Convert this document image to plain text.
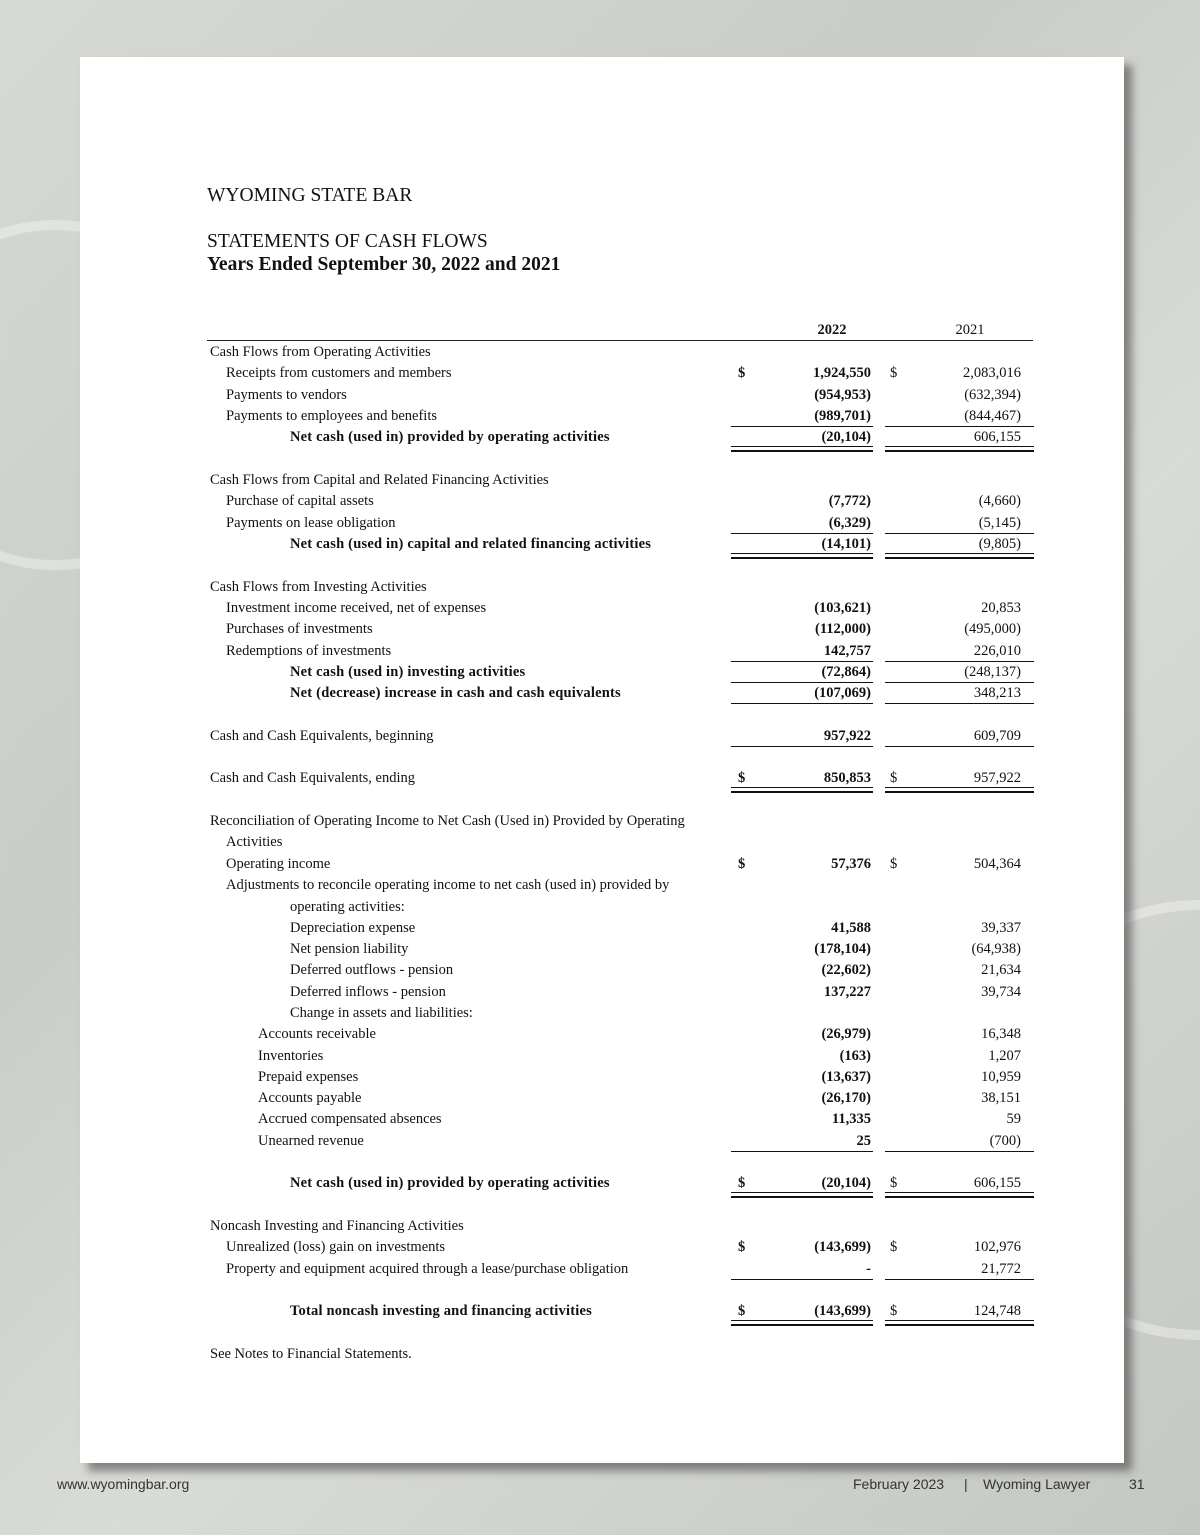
WYOMING STATE BAR
STATEMENTS OF CASH FLOWS
Years Ended September 30, 2022 and 2021
2022	2021
Cash Flows from Operating Activities
Receipts from customers and members	$	1,924,550 $	2,083,016
Payments to vendors	(954,953)	(632,394)
Payments to employees and benefits	(989,701)	(844,467)
Net cash (used in) provided by operating activities	(20,104)	606,155
Cash Flows from Capital and Related Financing Activities
Purchase of capital assets	(7,772)	(4,660)
Payments on lease obligation	(6,329)	(5,145)
Net cash (used in) capital and related financing activities	(14,101)	(9,805)
Cash Flows from Investing Activities
Investment income received, net of expenses	(103,621)	20,853
Purchases of investments	(112,000)	(495,000)
Redemptions of investments	142,757	226,010
Net cash (used in) investing activities	(72,864)	(248,137)
Net (decrease) increase in cash and cash equivalents	(107,069)	348,213
Cash and Cash Equivalents, beginning	957,922	609,709
Cash and Cash Equivalents, ending	$	850,853 $	957,922
Reconciliation of Operating Income to Net Cash (Used in) Provided by Operating
Activities
Operating income	$	57,376 $	504,364
Adjustments to reconcile operating income to net cash (used in) provided by
operating activities:
Depreciation expense	41,588	39,337
Net pension liability	(178,104)	(64,938)
Deferred outflows - pension	(22,602)	21,634
Deferred inflows - pension	137,227	39,734
Change in assets and liabilities:
Accounts receivable	(26,979)	16,348
Inventories	(163)	1,207
Prepaid expenses	(13,637)	10,959
Accounts payable	(26,170)	38,151
Accrued compensated absences	11,335	59
Unearned revenue	25	(700)
Net cash (used in) provided by operating activities	$	(20,104) $	606,155
Noncash Investing and Financing Activities
Unrealized (loss) gain on investments	$	(143,699) $	102,976
Property and equipment acquired through a lease/purchase obligation	-	21,772
Total noncash investing and financing activities	$	(143,699) $	124,748
See Notes to Financial Statements.
www.wyomingbar.org	February 2023 | Wyoming Lawyer	31
